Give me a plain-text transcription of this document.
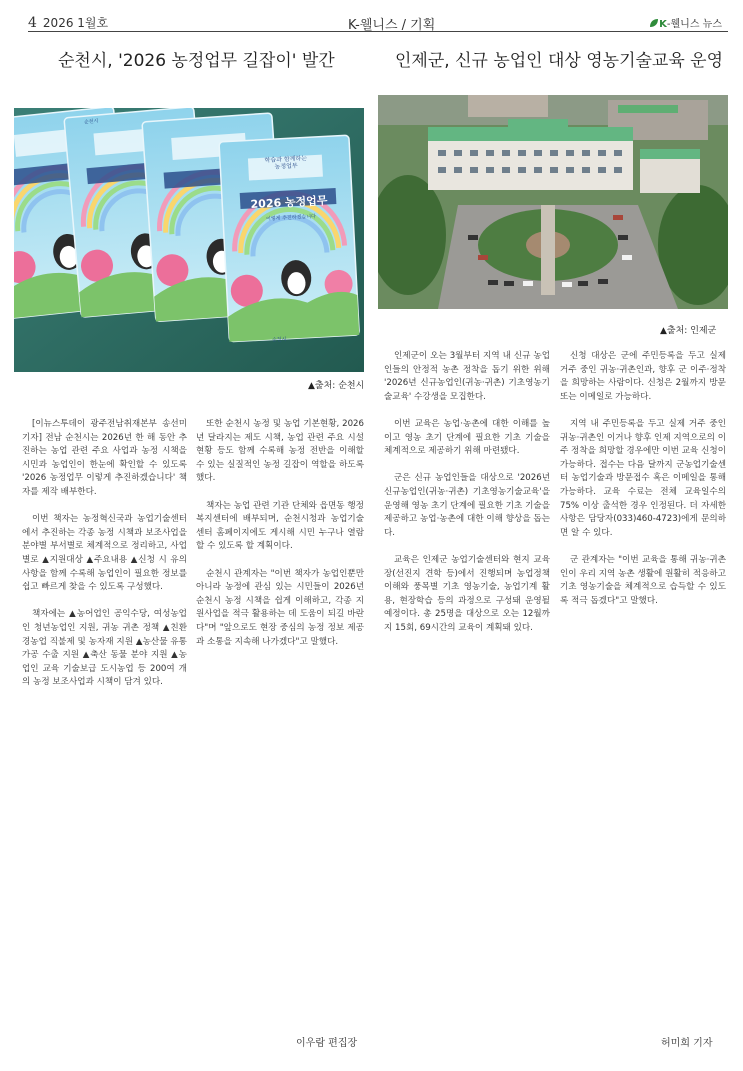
4 2026 1월호	K-웰니스 / 기획	K-웰니스 뉴스
순천시, '2026 농정업무 길잡이' 발간	인제군, 신규 농업인 대상 영농기술교육 운영
순천시
학습과 함께하는
농정업무
2026 농정업무
이렇게 추진하겠습니다
순천시
▲출처: 순천시
▲출처: 인제군

[이뉴스투데이 광주전남취재본부 송선미 기자] 전남 순천시는 2026년 한 해 동안 추진하는 농업 관련 주요 사업과 농정 시책을 시민과 농업인이 한눈에 확인할 수 있도록 '2026 농정업무 이렇게 추진하겠습니다' 책자를 제작 배부한다.

이번 책자는 농정혁신국과 농업기술센터에서 추진하는 각종 농정 시책과 보조사업을 분야별 부서별로 체계적으로 정리하고, 사업별로 ▲지원대상 ▲주요내용 ▲신청 시 유의사항을 함께 수록해 농업인이 필요한 정보를 쉽고 빠르게 찾을 수 있도록 구성했다.

책자에는 ▲농어업인 공익수당, 여성농업인 청년농업인 지원, 귀농 귀촌 정책 ▲친환경농업 직불제 및 농자재 지원 ▲농산물 유통 가공 수출 지원 ▲축산 동물 분야 지원 ▲농업인 교육 기술보급 도시농업 등 200여 개의 농정 보조사업과 시책이 담겨 있다.

또한 순천시 농정 및 농업 기본현황, 2026년 달라지는 제도 시책, 농업 관련 주요 시설 현황 등도 함께 수록해 농정 전반을 이해할 수 있는 실질적인 농정 길잡이 역할을 하도록 했다.

책자는 농업 관련 기관 단체와 읍면동 행정복지센터에 배부되며, 순천시청과 농업기술센터 홈페이지에도 게시해 시민 누구나 열람할 수 있도록 할 계획이다.

순천시 관계자는 "이번 책자가 농업인뿐만 아니라 농정에 관심 있는 시민들이 2026년 순천시 농정 시책을 쉽게 이해하고, 각종 지원사업을 적극 활용하는 데 도움이 되길 바란다"며 "앞으로도 현장 중심의 농정 정보 제공과 소통을 지속해 나가겠다"고 말했다.

인제군이 오는 3월부터 지역 내 신규 농업인들의 안정적 농촌 정착을 돕기 위한 위해 '2026년 신규농업인(귀농·귀촌) 기초영농기술교육' 수강생을 모집한다.

이번 교육은 농업·농촌에 대한 이해를 높이고 영농 초기 단계에 필요한 기초 기술을 체계적으로 제공하기 위해 마련됐다.

군은 신규 농업인들을 대상으로 '2026년 신규농업인(귀농·귀촌) 기초영농기술교육'을 운영해 영농 초기 단계에 필요한 기초 기술을 제공하고 농업·농촌에 대한 이해 향상을 돕는다.

교육은 인제군 농업기술센터와 현지 교육장(선진지 견학 등)에서 진행되며 농업정책 이해와 풍목별 기초 영농기술, 농업기계 활용, 현장학습 등의 과정으로 구성돼 운영될 예정이다. 총 25명을 대상으로 오는 12월까지 15회, 69시간의 교육이 계획돼 있다.

신청 대상은 군에 주민등록을 두고 실제 거주 중인 귀농·귀촌인과, 향후 군 이주·정착을 희망하는 사람이다. 신청은 2월까지 방문 또는 이메일로 가능하다.

지역 내 주민등록을 두고 실제 거주 중인 귀농·귀촌인 이거나 향후 인제 지역으로의 이주 정착을 희망할 경우에만 이번 교육 신청이 가능하다. 접수는 다음 달까지 군농업기술센터 농업기술과 방문접수 혹은 이메일을 통해 가능하다. 교육 수료는 전체 교육일수의 75% 이상 출석한 경우 인정된다. 더 자세한 사항은 담당자(033)460-4723)에게 문의하면 알 수 있다.

군 관계자는 "이번 교육을 통해 귀농·귀촌인이 우리 지역 농촌 생활에 원활히 적응하고 기초 영농기술을 체계적으로 습득할 수 있도록 적극 돕겠다"고 말했다.

이우람 편집장	허미희 기자
